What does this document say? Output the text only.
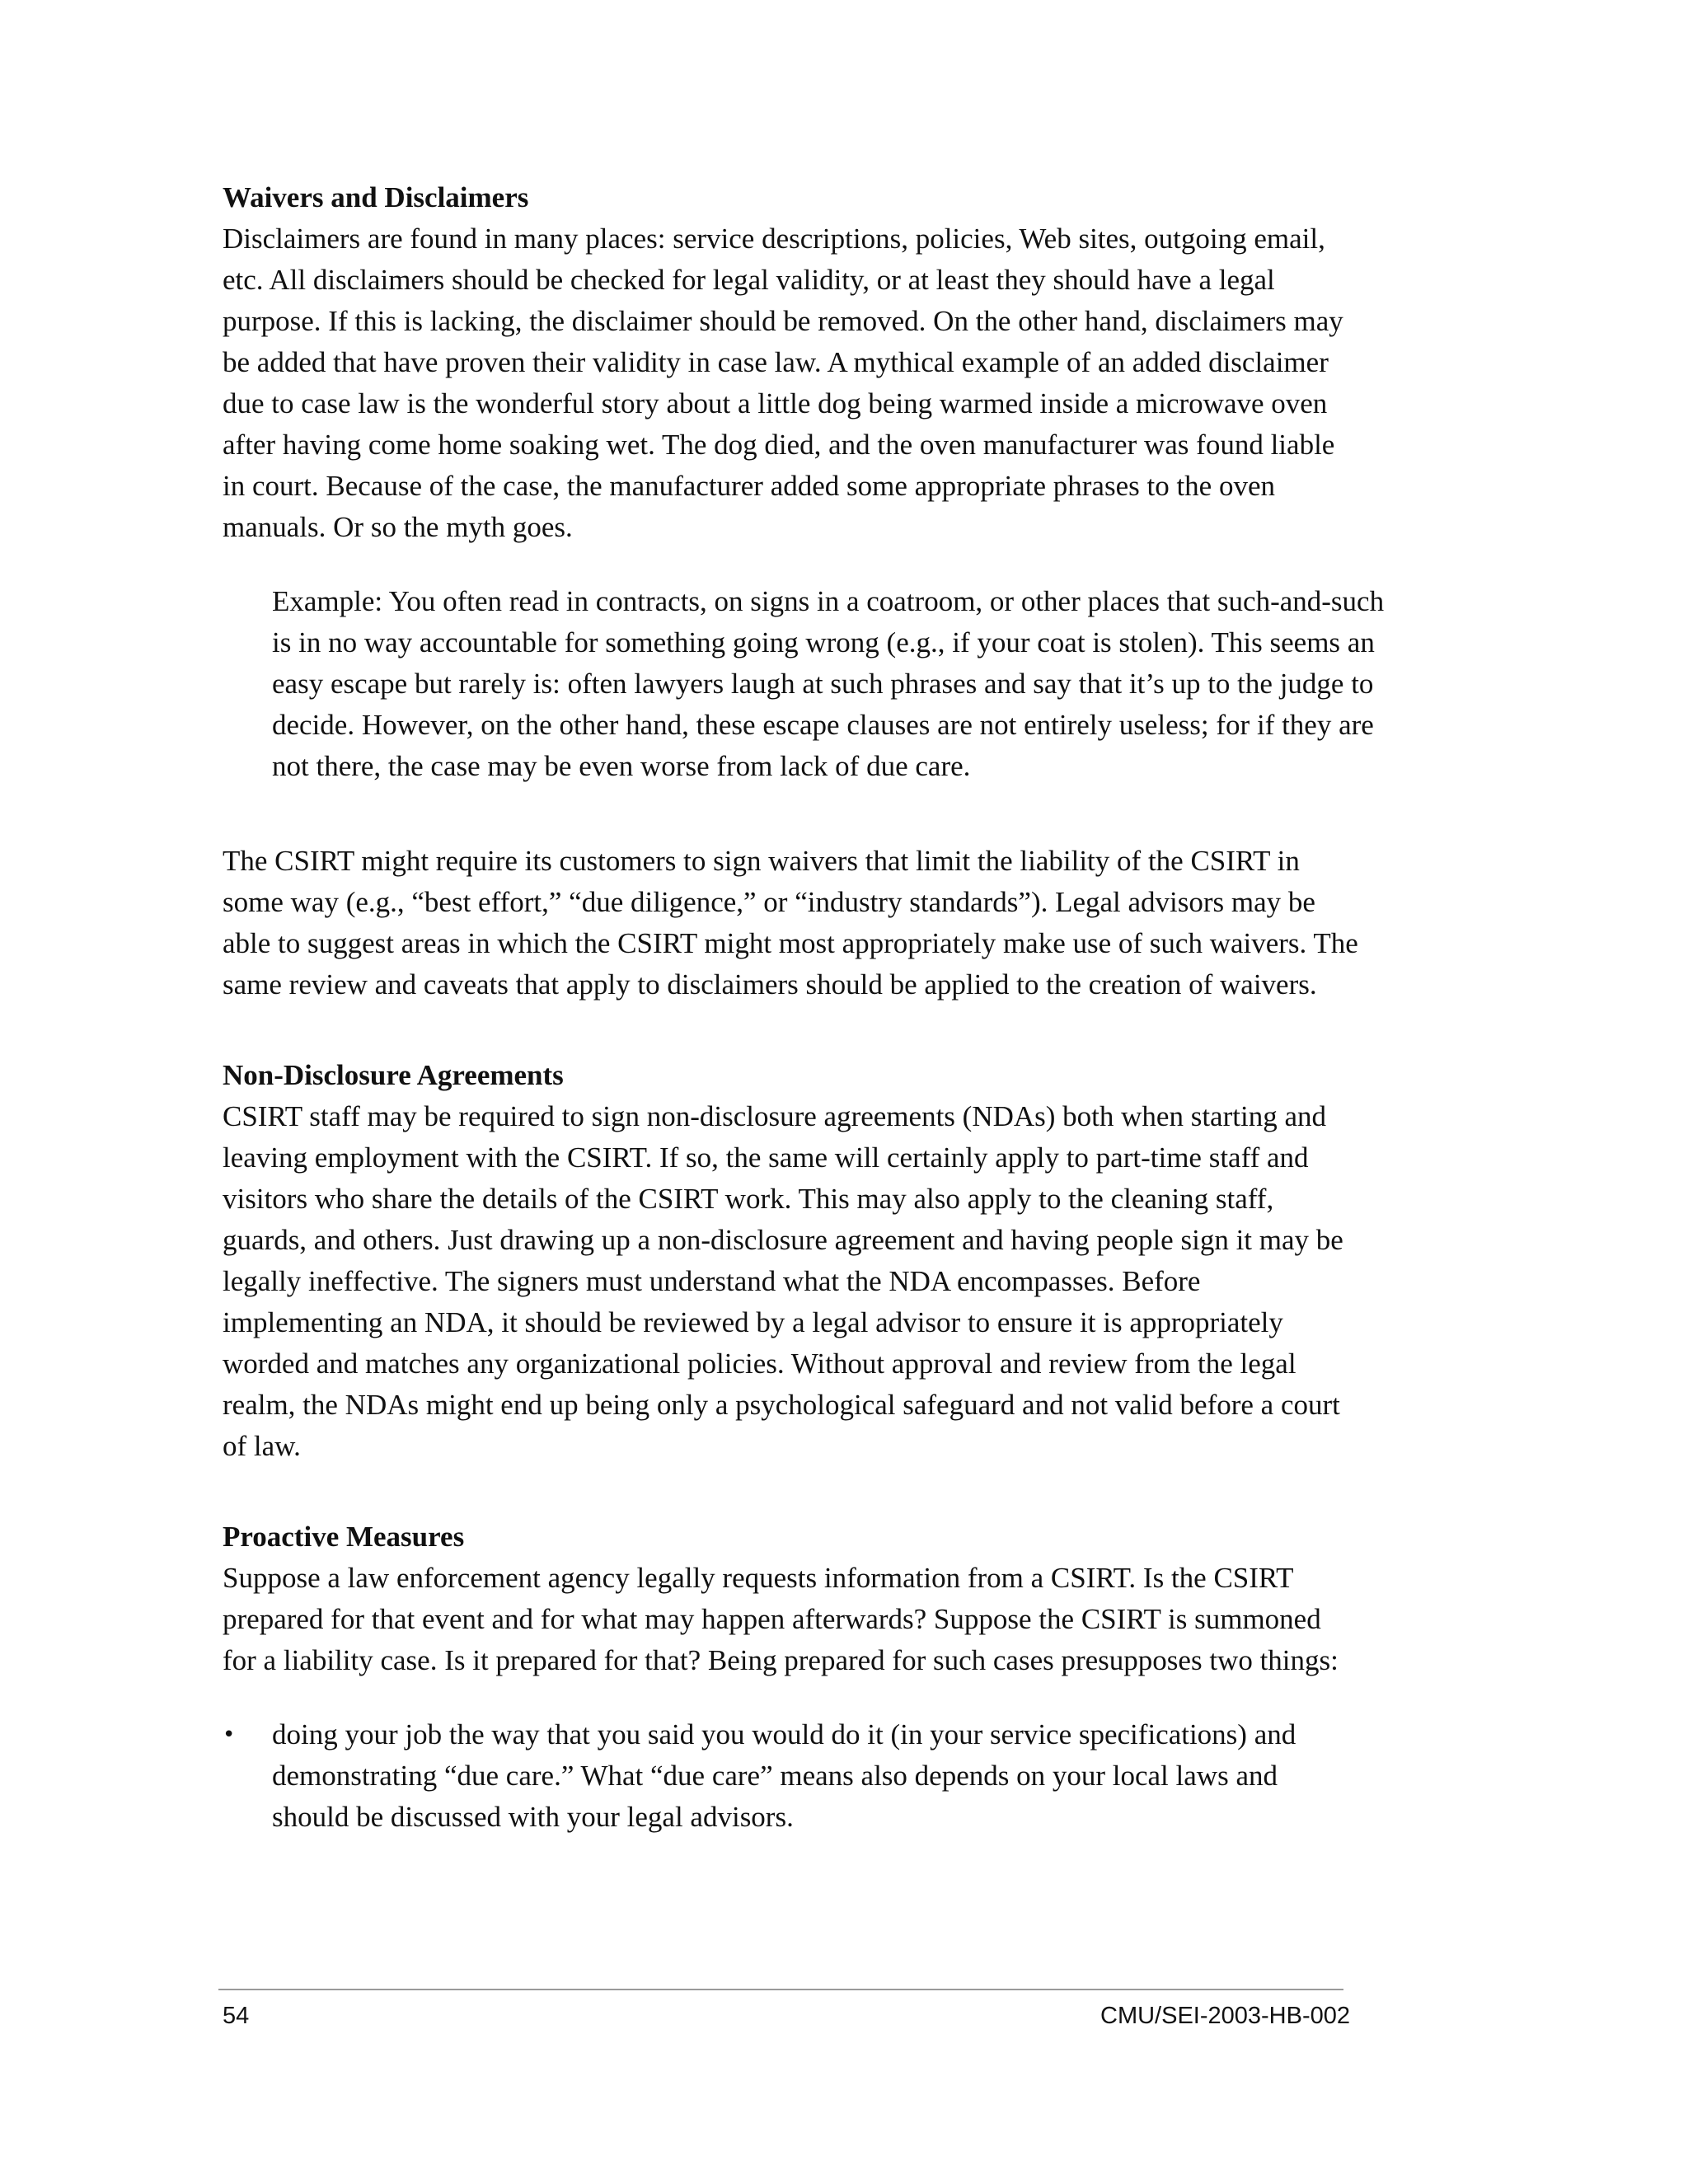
Waivers and Disclaimers

Disclaimers are found in many places: service descriptions, policies, Web sites, outgoing email, etc. All disclaimers should be checked for legal validity, or at least they should have a legal purpose. If this is lacking, the disclaimer should be removed. On the other hand, disclaimers may be added that have proven their validity in case law. A mythical example of an added disclaimer due to case law is the wonderful story about a little dog being warmed inside a microwave oven after having come home soaking wet. The dog died, and the oven manufacturer was found liable in court. Because of the case, the manufacturer added some appropriate phrases to the oven manuals. Or so the myth goes.

Example: You often read in contracts, on signs in a coatroom, or other places that such-and-such is in no way accountable for something going wrong (e.g., if your coat is stolen). This seems an easy escape but rarely is: often lawyers laugh at such phrases and say that it’s up to the judge to decide. However, on the other hand, these escape clauses are not entirely useless; for if they are not there, the case may be even worse from lack of due care.

The CSIRT might require its customers to sign waivers that limit the liability of the CSIRT in some way (e.g., “best effort,” “due diligence,” or “industry standards”). Legal advisors may be able to suggest areas in which the CSIRT might most appropriately make use of such waivers. The same review and caveats that apply to disclaimers should be applied to the creation of waivers.

Non-Disclosure Agreements

CSIRT staff may be required to sign non-disclosure agreements (NDAs) both when starting and leaving employment with the CSIRT. If so, the same will certainly apply to part-time staff and visitors who share the details of the CSIRT work. This may also apply to the cleaning staff, guards, and others. Just drawing up a non-disclosure agreement and having people sign it may be legally ineffective. The signers must understand what the NDA encompasses. Before implementing an NDA, it should be reviewed by a legal advisor to ensure it is appropriately worded and matches any organizational policies. Without approval and review from the legal realm, the NDAs might end up being only a psychological safeguard and not valid before a court of law.

Proactive Measures

Suppose a law enforcement agency legally requests information from a CSIRT. Is the CSIRT prepared for that event and for what may happen afterwards? Suppose the CSIRT is summoned for a liability case. Is it prepared for that? Being prepared for such cases presupposes two things:

• doing your job the way that you said you would do it (in your service specifications) and demonstrating “due care.” What “due care” means also depends on your local laws and should be discussed with your legal advisors.
54	CMU/SEI-2003-HB-002
